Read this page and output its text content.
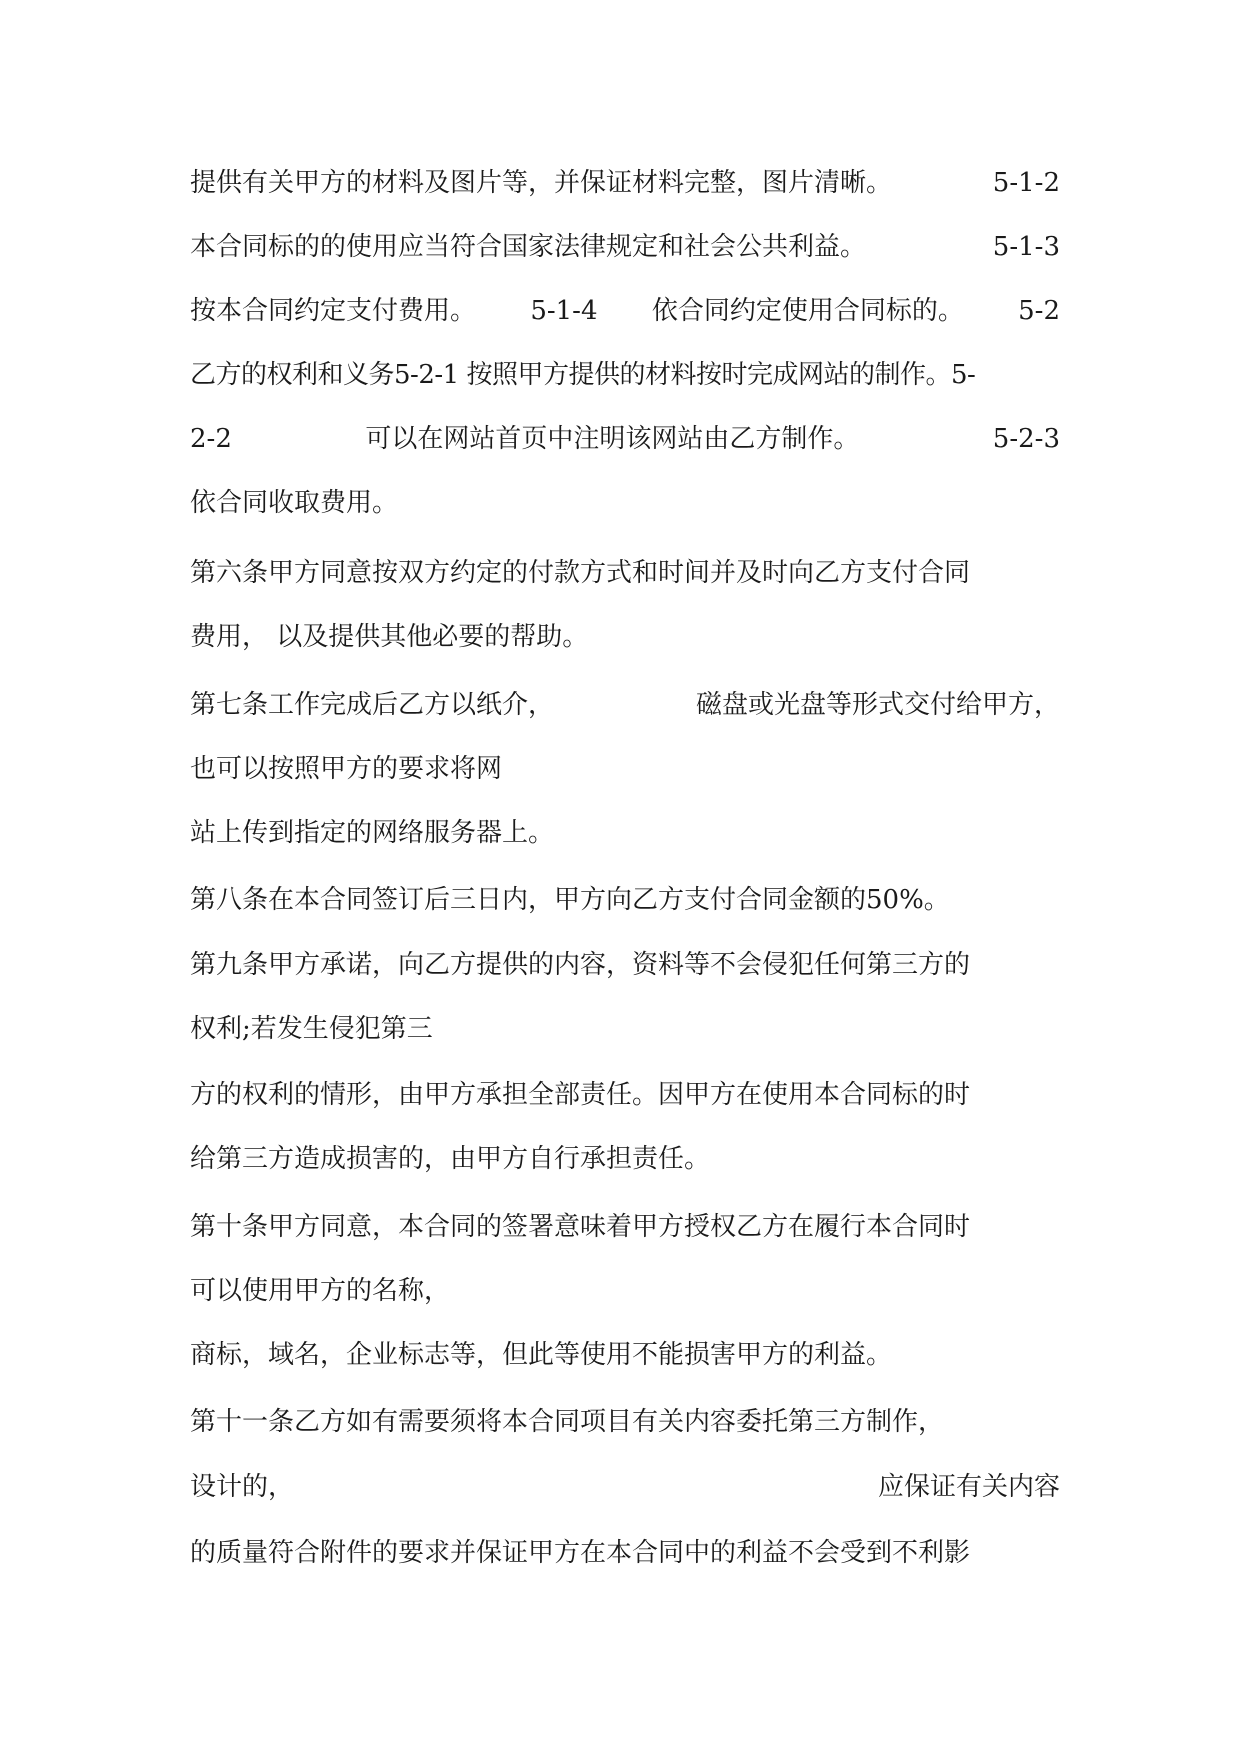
提供有关甲方的材料及图片等，并保证材料完整，图片清晰。	5-1-2
本合同标的的使用应当符合国家法律规定和社会公共利益。	5-1-3
按本合同约定支付费用。 5-1-4 依合同约定使用合同标的。 5-2
乙方的权利和义务5-2-1 按照甲方提供的材料按时完成网站的制作。5-
2-2	可以在网站首页中注明该网站由乙方制作。	5-2-3
依合同收取费用。
第六条甲方同意按双方约定的付款方式和时间并及时向乙方支付合同
费用， 以及提供其他必要的帮助。
第七条工作完成后乙方以纸介，	磁盘或光盘等形式交付给甲方，
也可以按照甲方的要求将网
站上传到指定的网络服务器上。
第八条在本合同签订后三日内，甲方向乙方支付合同金额的50%。
第九条甲方承诺，向乙方提供的内容，资料等不会侵犯任何第三方的
权利;若发生侵犯第三
方的权利的情形，由甲方承担全部责任。因甲方在使用本合同标的时
给第三方造成损害的，由甲方自行承担责任。
第十条甲方同意，本合同的签署意味着甲方授权乙方在履行本合同时
可以使用甲方的名称，
商标，域名，企业标志等，但此等使用不能损害甲方的利益。
第十一条乙方如有需要须将本合同项目有关内容委托第三方制作，
设计的，	应保证有关内容
的质量符合附件的要求并保证甲方在本合同中的利益不会受到不利影
